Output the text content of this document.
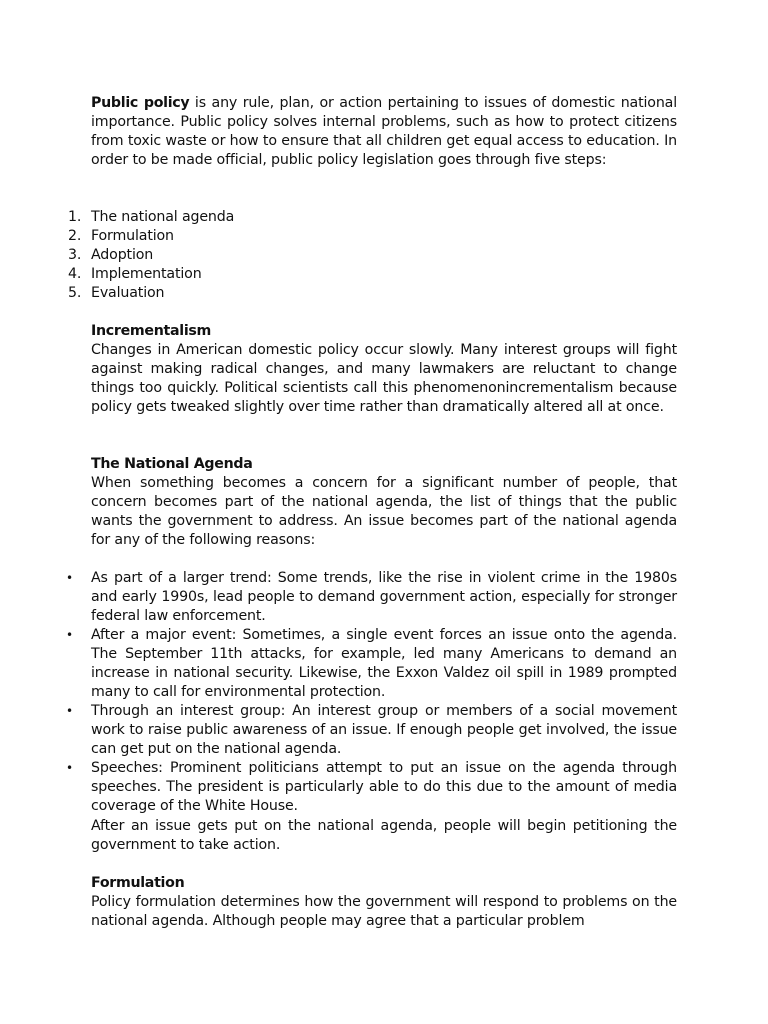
Public policy is any rule, plan, or action pertaining to issues of domestic national importance. Public policy solves internal problems, such as how to protect citizens from toxic waste or how to ensure that all children get equal access to education. In order to be made official, public policy legislation goes through five steps:

1. The national agenda
2. Formulation
3. Adoption
4. Implementation
5. Evaluation

Incrementalism

Changes in American domestic policy occur slowly. Many interest groups will fight against making radical changes, and many lawmakers are reluctant to change things too quickly. Political scientists call this phenomenonincrementalism because policy gets tweaked slightly over time rather than dramatically altered all at once.

The National Agenda

When something becomes a concern for a significant number of people, that concern becomes part of the national agenda, the list of things that the public wants the government to address. An issue becomes part of the national agenda for any of the following reasons:

• As part of a larger trend: Some trends, like the rise in violent crime in the 1980s and early 1990s, lead people to demand government action, especially for stronger federal law enforcement.
• After a major event: Sometimes, a single event forces an issue onto the agenda. The September 11th attacks, for example, led many Americans to demand an increase in national security. Likewise, the Exxon Valdez oil spill in 1989 prompted many to call for environmental protection.
• Through an interest group: An interest group or members of a social movement work to raise public awareness of an issue. If enough people get involved, the issue can get put on the national agenda.
• Speeches: Prominent politicians attempt to put an issue on the agenda through speeches. The president is particularly able to do this due to the amount of media coverage of the White House.

After an issue gets put on the national agenda, people will begin petitioning the government to take action.

Formulation

Policy formulation determines how the government will respond to problems on the national agenda. Although people may agree that a particular problem
